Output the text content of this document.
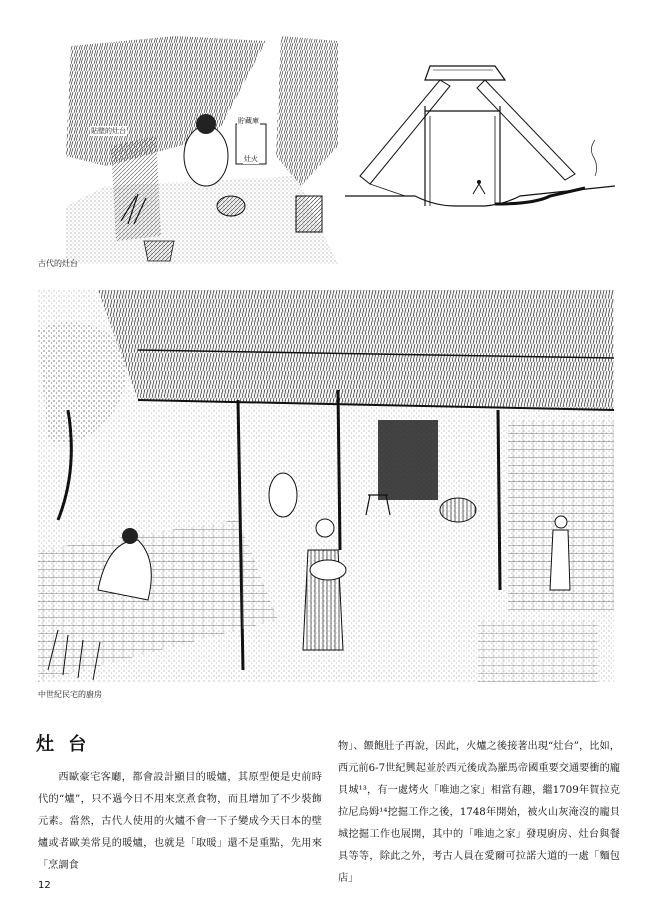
貼壁的灶台
貯藏庫
灶火
古代的灶台
中世紀民宅的廚房
灶 台

西歐豪宅客廳，都會設計顯目的暖爐，其原型便是史前時代的“爐”，只不過今日不用來烹煮食物，而且增加了不少裝飾元素。當然，古代人使用的火爐不會一下子變成今天日本的壁爐或者歐美常見的暖爐，也就是「取暖」還不是重點，先用來「烹調食

物」、餵飽肚子再說，因此，火爐之後接著出現“灶台”，比如，西元前6-7世紀興起並於西元後成為羅馬帝國重要交通要衝的龐貝城¹³，有一處烤火「唯迪之家」相當有趣，繼1709年賀拉克拉尼烏姆¹⁴挖掘工作之後，1748年開始，被火山灰淹沒的龐貝城挖掘工作也展開，其中的「唯迪之家」發現廚房、灶台與餐具等等，除此之外，考古人員在愛爾可拉諾大道的一處「麵包店」

12
